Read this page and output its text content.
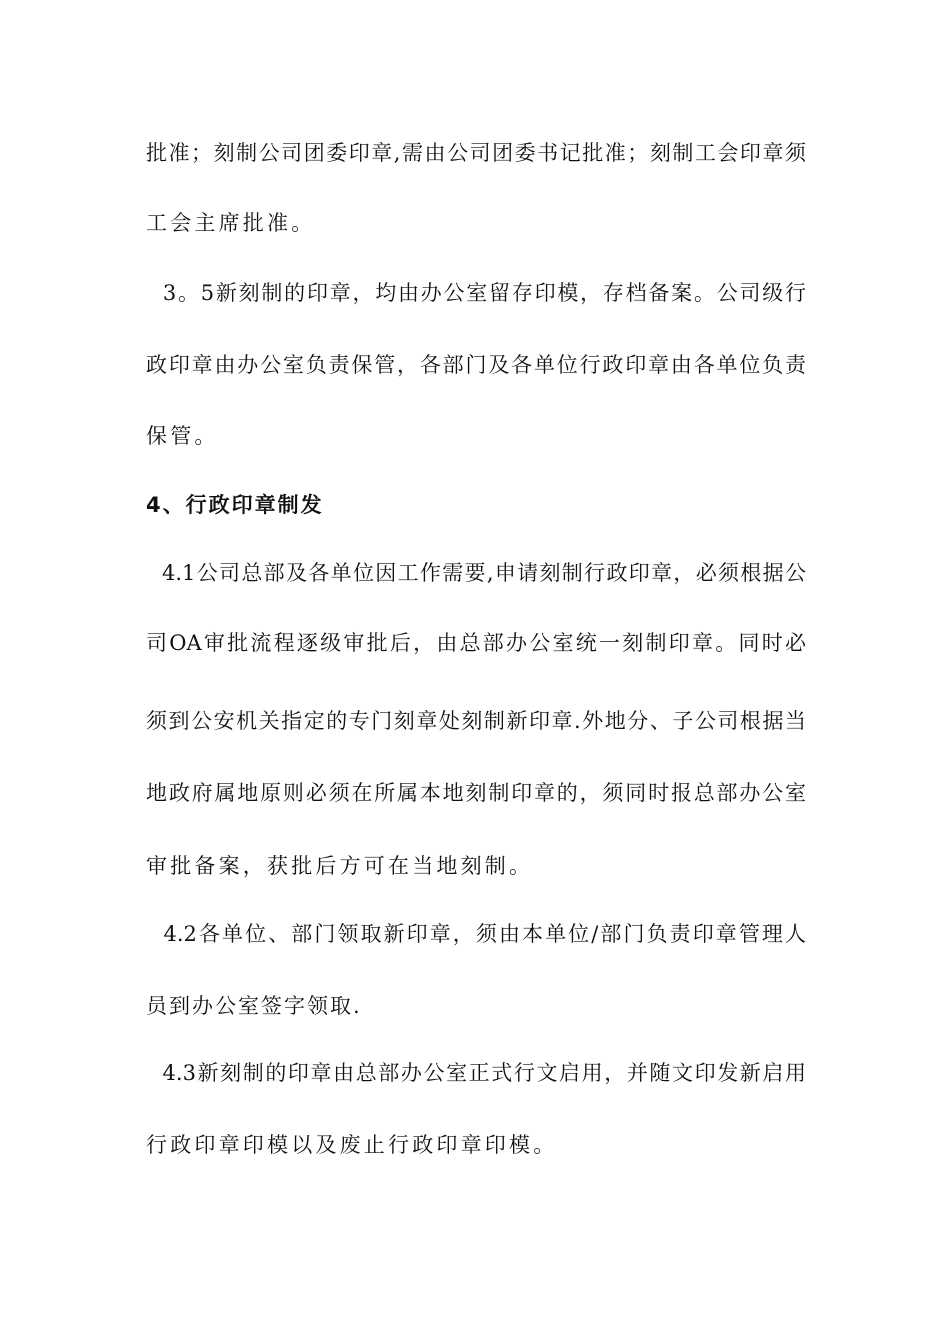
批准；刻制公司团委印章,需由公司团委书记批准；刻制工会印章须
工会主席批准。
3。5新刻制的印章，均由办公室留存印模，存档备案。公司级行
政印章由办公室负责保管，各部门及各单位行政印章由各单位负责
保管。
4、行政印章制发
4.1公司总部及各单位因工作需要,申请刻制行政印章，必须根据公
司OA审批流程逐级审批后，由总部办公室统一刻制印章。同时必
须到公安机关指定的专门刻章处刻制新印章.外地分、子公司根据当
地政府属地原则必须在所属本地刻制印章的，须同时报总部办公室
审批备案，获批后方可在当地刻制。
4.2各单位、部门领取新印章，须由本单位/部门负责印章管理人
员到办公室签字领取.
4.3新刻制的印章由总部办公室正式行文启用，并随文印发新启用
行政印章印模以及废止行政印章印模。
